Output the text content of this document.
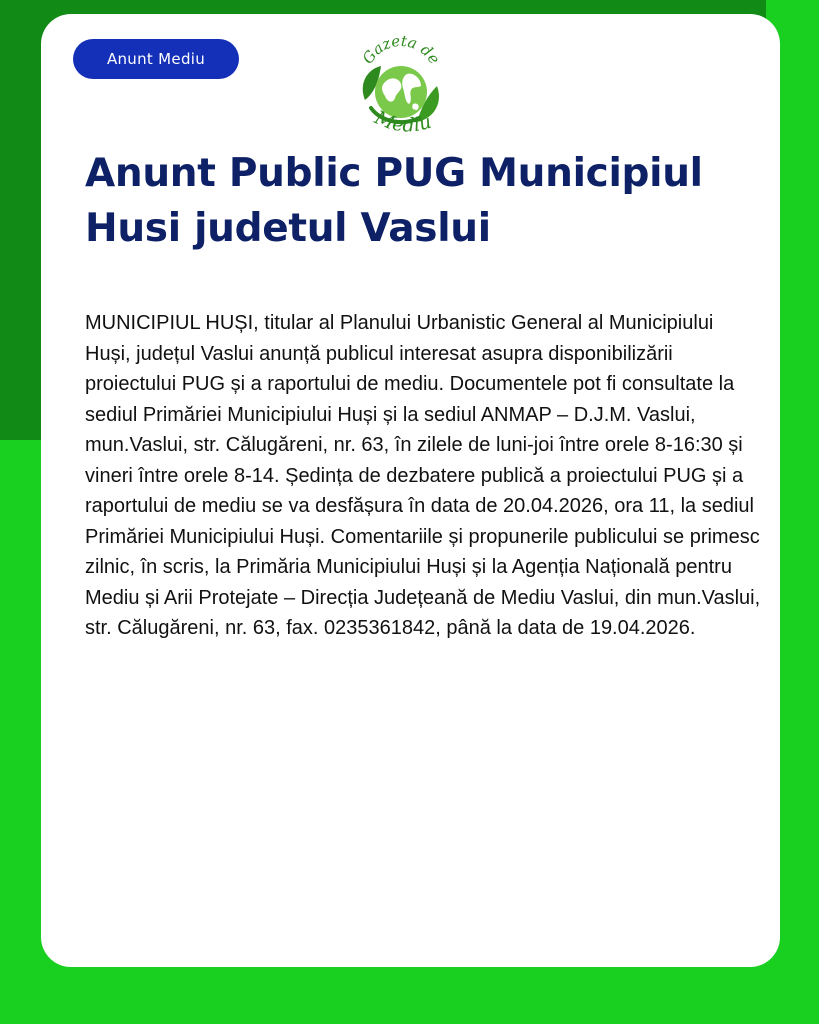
Anunt Mediu	Gazeta de
Mediu
Anunt Public PUG Municipiul Husi judetul Vaslui

MUNICIPIUL HUȘI, titular al Planului Urbanistic General al Municipiului Huși, județul Vaslui anunță publicul interesat asupra disponibilizării proiectului PUG și a raportului de mediu. Documentele pot fi consultate la sediul Primăriei Municipiului Huși și la sediul ANMAP – D.J.M. Vaslui, mun.Vaslui, str. Călugăreni, nr. 63, în zilele de luni-joi între orele 8-16:30 și vineri între orele 8-14. Ședința de dezbatere publică a proiectului PUG și a raportului de mediu se va desfășura în data de 20.04.2026, ora 11, la sediul Primăriei Municipiului Huși. Comentariile și propunerile publicului se primesc zilnic, în scris, la Primăria Municipiului Huși și la Agenția Națională pentru Mediu și Arii Protejate – Direcția Județeană de Mediu Vaslui, din mun.Vaslui, str. Călugăreni, nr. 63, fax. 0235361842, până la data de 19.04.2026.
